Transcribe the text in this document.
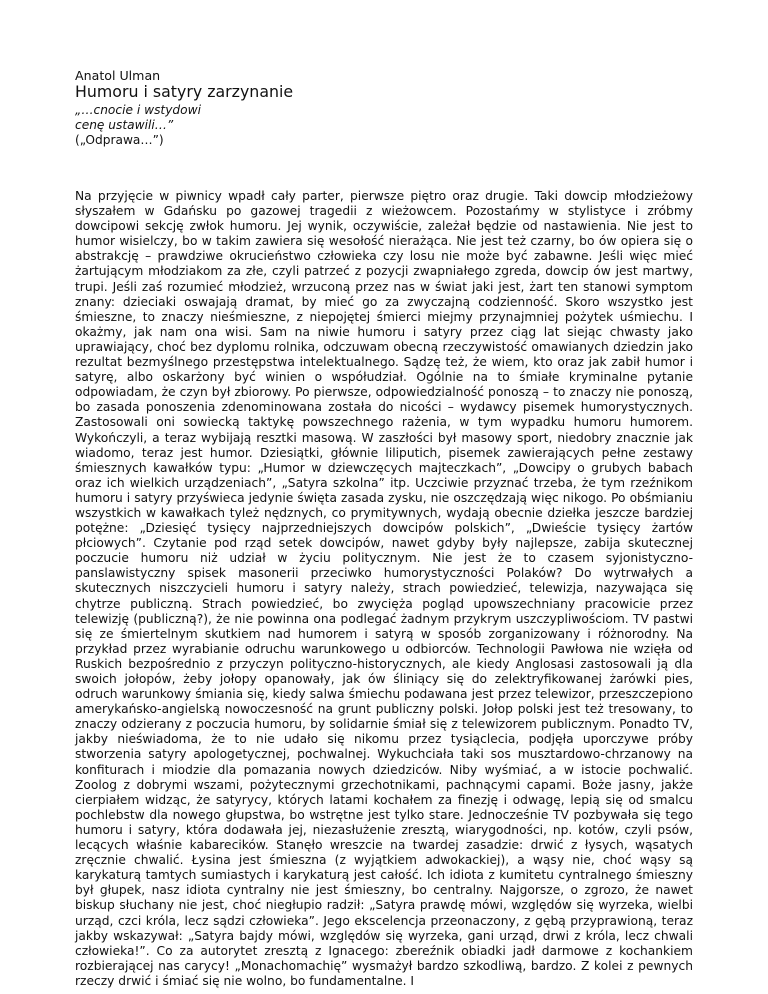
Anatol Ulman

Humoru i satyry zarzynanie

„…cnocie i wstydowi
cenę ustawili…”

(„Odprawa…”)

Na przyjęcie w piwnicy wpadł cały parter, pierwsze piętro oraz drugie. Taki dowcip młodzieżowy słyszałem w Gdańsku po gazowej tragedii z wieżowcem. Pozostańmy w stylistyce i zróbmy dowcipowi sekcję zwłok humoru. Jej wynik, oczywiście, zależał będzie od nastawienia. Nie jest to humor wisielczy, bo w takim zawiera się wesołość nierażąca. Nie jest też czarny, bo ów opiera się o abstrakcję – prawdziwe okrucieństwo człowieka czy losu nie może być zabawne. Jeśli więc mieć żartującym młodziakom za złe, czyli patrzeć z pozycji zwapniałego zgreda, dowcip ów jest martwy, trupi. Jeśli zaś rozumieć młodzież, wrzuconą przez nas w świat jaki jest, żart ten stanowi symptom znany: dzieciaki oswajają dramat, by mieć go za zwyczajną codzienność. Skoro wszystko jest śmieszne, to znaczy nieśmieszne, z niepojętej śmierci miejmy przynajmniej pożytek uśmiechu. I okażmy, jak nam ona wisi. Sam na niwie humoru i satyry przez ciąg lat siejąc chwasty jako uprawiający, choć bez dyplomu rolnika, odczuwam obecną rzeczywistość omawianych dziedzin jako rezultat bezmyślnego przestępstwa intelektualnego. Sądzę też, że wiem, kto oraz jak zabił humor i satyrę, albo oskarżony być winien o współudział. Ogólnie na to śmiałe kryminalne pytanie odpowiadam, że czyn był zbiorowy. Po pierwsze, odpowiedzialność ponoszą – to znaczy nie ponoszą, bo zasada ponoszenia zdenominowana została do nicości – wydawcy pisemek humorystycznych. Zastosowali oni sowiecką taktykę powszechnego rażenia, w tym wypadku humoru humorem. Wykończyli, a teraz wybijają resztki masową. W zaszłości był masowy sport, niedobry znacznie jak wiadomo, teraz jest humor. Dziesiątki, głównie liliputich, pisemek zawierających pełne zestawy śmiesznych kawałków typu: „Humor w dziewczęcych majteczkach”, „Dowcipy o grubych babach oraz ich wielkich urządzeniach”, „Satyra szkolna” itp. Uczciwie przyznać trzeba, że tym rzeźnikom humoru i satyry przyświeca jedynie święta zasada zysku, nie oszczędzają więc nikogo. Po obśmianiu wszystkich w kawałkach tyleż nędznych, co prymitywnych, wydają obecnie dziełka jeszcze bardziej potężne: „Dziesięć tysięcy najprzedniejszych dowcipów polskich”, „Dwieście tysięcy żartów płciowych”. Czytanie pod rząd setek dowcipów, nawet gdyby były najlepsze, zabija skutecznej poczucie humoru niż udział w życiu politycznym. Nie jest że to czasem syjonistyczno-panslawistyczny spisek masonerii przeciwko humorystyczności Polaków? Do wytrwałych a skutecznych niszczycieli humoru i satyry należy, strach powiedzieć, telewizja, nazywająca się chytrze publiczną. Strach powiedzieć, bo zwycięża pogląd upowszechniany pracowicie przez telewizję (publiczną?), że nie powinna ona podlegać żadnym przykrym uszczypliwościom. TV pastwi się ze śmiertelnym skutkiem nad humorem i satyrą w sposób zorganizowany i różnorodny. Na przykład przez wyrabianie odruchu warunkowego u odbiorców. Technologii Pawłowa nie wzięła od Ruskich bezpośrednio z przyczyn polityczno-historycznych, ale kiedy Anglosasi zastosowali ją dla swoich jołopów, żeby jołopy opanowały, jak ów śliniący się do zelektryfikowanej żarówki pies, odruch warunkowy śmiania się, kiedy salwa śmiechu podawana jest przez telewizor, przeszczepiono amerykańsko-angielską nowoczesność na grunt publiczny polski. Jołop polski jest też tresowany, to znaczy odzierany z poczucia humoru, by solidarnie śmiał się z telewizorem publicznym. Ponadto TV, jakby nieświadoma, że to nie udało się nikomu przez tysiąclecia, podjęła uporczywe próby stworzenia satyry apologetycznej, pochwalnej. Wykuchciała taki sos musztardowo-chrzanowy na konfiturach i miodzie dla pomazania nowych dziedziców. Niby wyśmiać, a w istocie pochwalić. Zoolog z dobrymi wszami, pożytecznymi grzechotnikami, pachnącymi capami. Boże jasny, jakże cierpiałem widząc, że satyrycy, których latami kochałem za finezję i odwagę, lepią się od smalcu pochlebstw dla nowego głupstwa, bo wstrętne jest tylko stare. Jednocześnie TV pozbywała się tego humoru i satyry, która dodawała jej, niezasłużenie zresztą, wiarygodności, np. kotów, czyli psów, lecących właśnie kabarecików. Stanęło wreszcie na twardej zasadzie: drwić z łysych, wąsatych zręcznie chwalić. Łysina jest śmieszna (z wyjątkiem adwokackiej), a wąsy nie, choć wąsy są karykaturą tamtych sumiastych i karykaturą jest całość. Ich idiota z kumitetu cyntralnego śmieszny był głupek, nasz idiota cyntralny nie jest śmieszny, bo centralny. Najgorsze, o zgrozo, że nawet biskup słuchany nie jest, choć niegłupio radził: „Satyra prawdę mówi, względów się wyrzeka, wielbi urząd, czci króla, lecz sądzi człowieka”. Jego ekscelencja przeonaczony, z gębą przyprawioną, teraz jakby wskazywał: „Satyra bajdy mówi, względów się wyrzeka, gani urząd, drwi z króla, lecz chwali człowieka!”. Co za autorytet zresztą z Ignacego: zbereźnik obiadki jadł darmowe z kochankiem rozbierającej nas carycy! „Monachomachię” wysmażył bardzo szkodliwą, bardzo. Z kolei z pewnych rzeczy drwić i śmiać się nie wolno, bo fundamentalne. I
